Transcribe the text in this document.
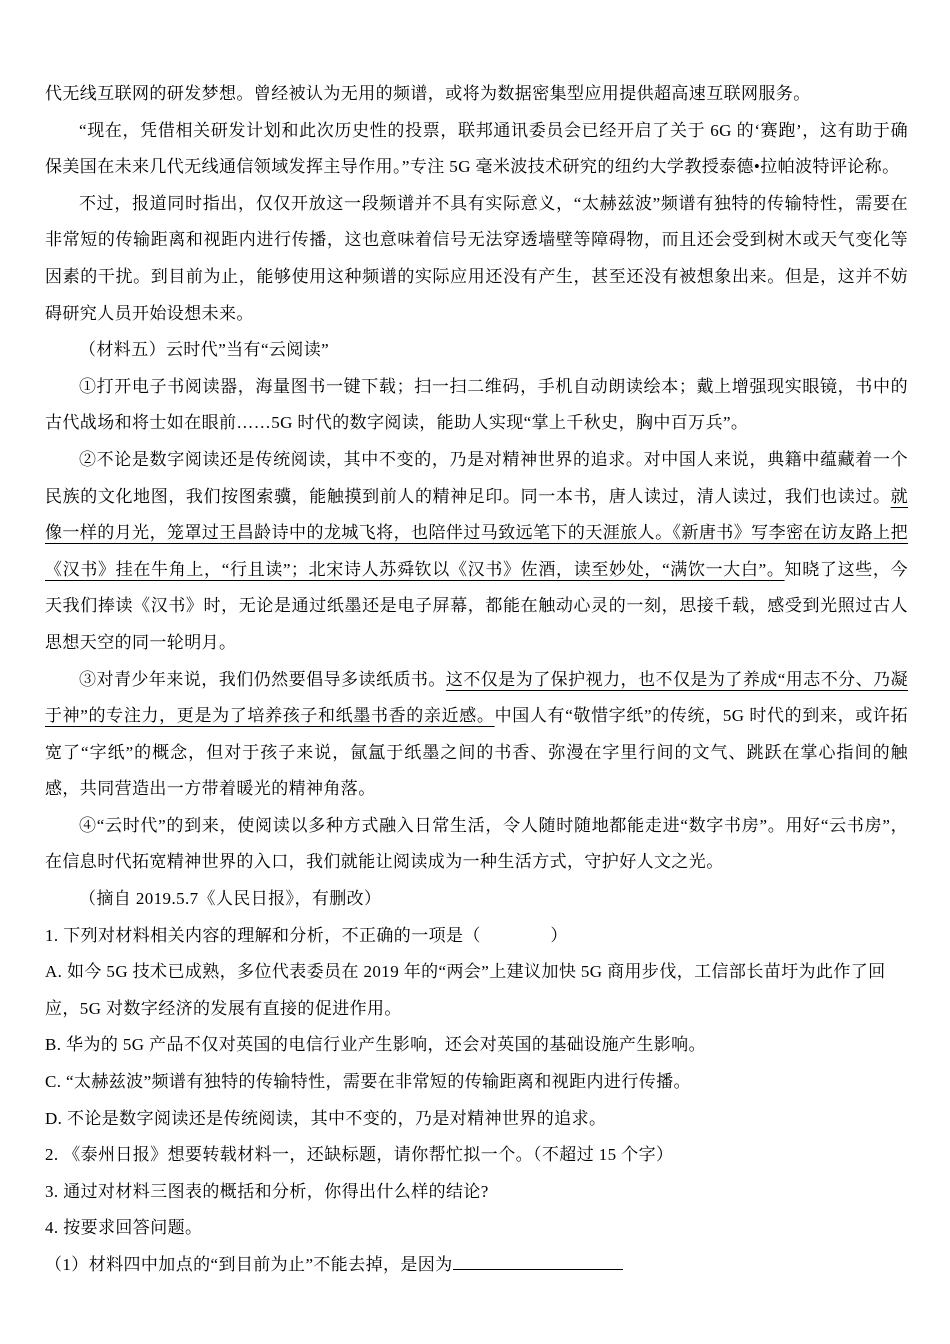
代无线互联网的研发梦想。曾经被认为无用的频谱，或将为数据密集型应用提供超高速互联网服务。

“现在，凭借相关研发计划和此次历史性的投票，联邦通讯委员会已经开启了关于 6G 的‘赛跑’，这有助于确保美国在未来几代无线通信领域发挥主导作用。”专注 5G 毫米波技术研究的纽约大学教授泰德•拉帕波特评论称。

不过，报道同时指出，仅仅开放这一段频谱并不具有实际意义，“太赫兹波”频谱有独特的传输特性，需要在非常短的传输距离和视距内进行传播，这也意味着信号无法穿透墙壁等障碍物，而且还会受到树木或天气变化等因素的干扰。到目前为止，能够使用这种频谱的实际应用还没有产生，甚至还没有被想象出来。但是，这并不妨碍研究人员开始设想未来。

（材料五）云时代”当有“云阅读”

①打开电子书阅读器，海量图书一键下载；扫一扫二维码，手机自动朗读绘本；戴上增强现实眼镜，书中的古代战场和将士如在眼前……5G 时代的数字阅读，能助人实现“掌上千秋史，胸中百万兵”。

②不论是数字阅读还是传统阅读，其中不变的，乃是对精神世界的追求。对中国人来说，典籍中蕴藏着一个民族的文化地图，我们按图索骥，能触摸到前人的精神足印。同一本书，唐人读过，清人读过，我们也读过。就像一样的月光，笼罩过王昌龄诗中的龙城飞将，也陪伴过马致远笔下的天涯旅人。《新唐书》写李密在访友路上把《汉书》挂在牛角上，“行且读”；北宋诗人苏舜钦以《汉书》佐酒，读至妙处，“满饮一大白”。知晓了这些，今天我们捧读《汉书》时，无论是通过纸墨还是电子屏幕，都能在触动心灵的一刻，思接千载，感受到光照过古人思想天空的同一轮明月。

③对青少年来说，我们仍然要倡导多读纸质书。这不仅是为了保护视力，也不仅是为了养成“用志不分、乃凝于神”的专注力，更是为了培养孩子和纸墨书香的亲近感。中国人有“敬惜字纸”的传统，5G 时代的到来，或许拓宽了“字纸”的概念，但对于孩子来说，氤氲于纸墨之间的书香、弥漫在字里行间的文气、跳跃在掌心指间的触感，共同营造出一方带着暖光的精神角落。

④“云时代”的到来，使阅读以多种方式融入日常生活，令人随时随地都能走进“数字书房”。用好“云书房”，在信息时代拓宽精神世界的入口，我们就能让阅读成为一种生活方式，守护好人文之光。

（摘自 2019.5.7《人民日报》，有删改）

1. 下列对材料相关内容的理解和分析，不正确的一项是（　　　　）

A. 如今 5G 技术已成熟，多位代表委员在 2019 年的“两会”上建议加快 5G 商用步伐，工信部长苗圩为此作了回应，5G 对数字经济的发展有直接的促进作用。

B. 华为的 5G 产品不仅对英国的电信行业产生影响，还会对英国的基础设施产生影响。

C. “太赫兹波”频谱有独特的传输特性，需要在非常短的传输距离和视距内进行传播。

D. 不论是数字阅读还是传统阅读，其中不变的，乃是对精神世界的追求。

2. 《泰州日报》想要转载材料一，还缺标题，请你帮忙拟一个。（不超过 15 个字）

3. 通过对材料三图表的概括和分析，你得出什么样的结论?

4. 按要求回答问题。

（1）材料四中加点的“到目前为止”不能去掉，是因为
